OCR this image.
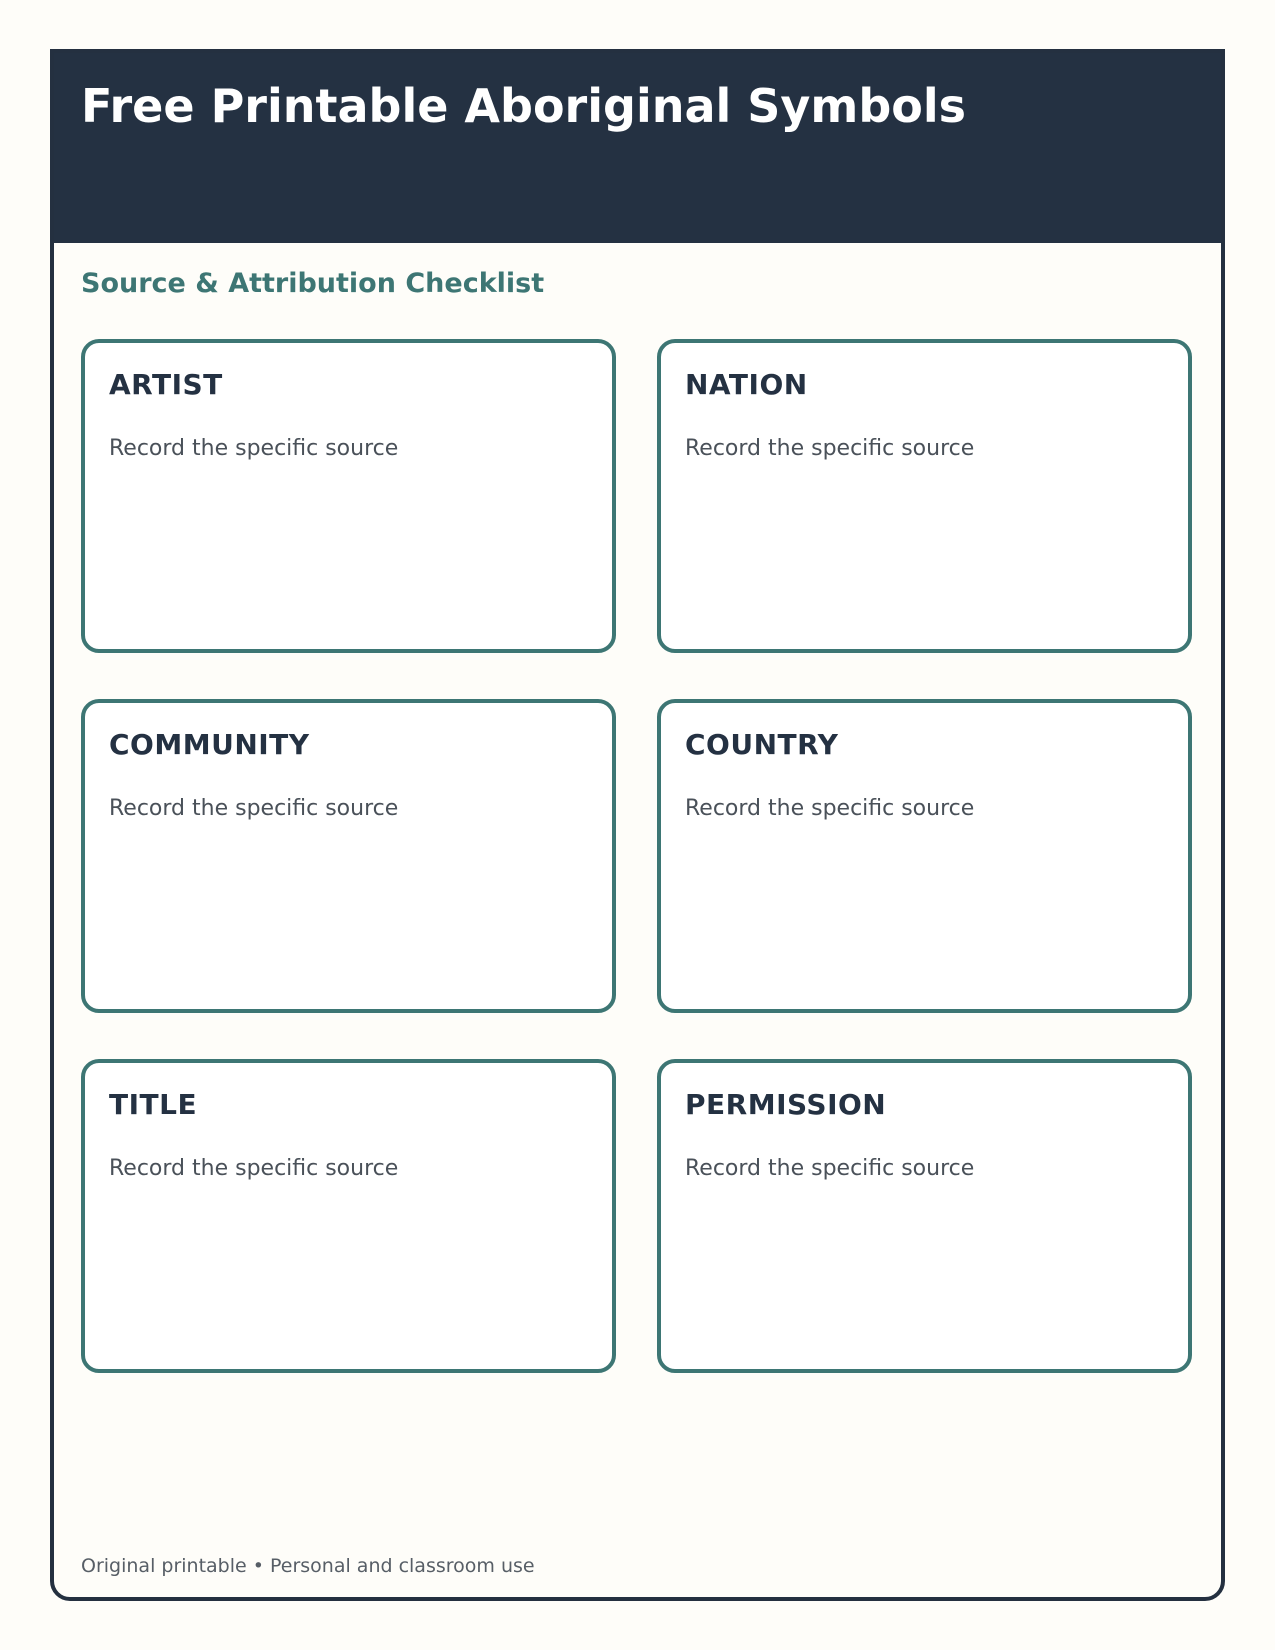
Free Printable Aboriginal Symbols
Source & Attribution Checklist
ARTIST
Record the specific source
NATION
Record the specific source
COMMUNITY
Record the specific source
COUNTRY
Record the specific source
TITLE
Record the specific source
PERMISSION
Record the specific source
Original printable • Personal and classroom use
